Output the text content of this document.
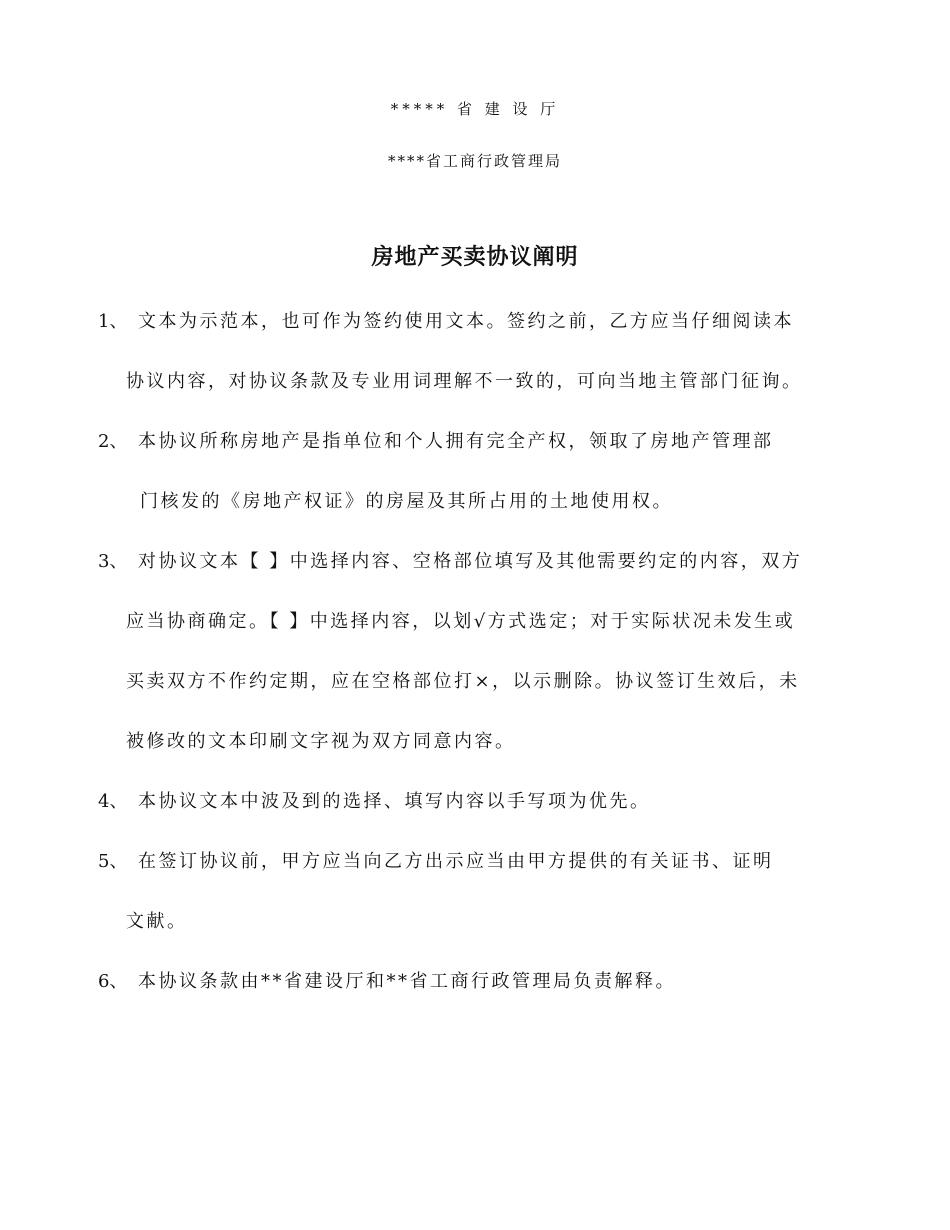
***** 省 建 设 厅
****省工商行政管理局
房地产买卖协议阐明
1、 文本为示范本，也可作为签约使用文本。签约之前，乙方应当仔细阅读本
协议内容，对协议条款及专业用词理解不一致的，可向当地主管部门征询。
2、 本协议所称房地产是指单位和个人拥有完全产权，领取了房地产管理部
门核发的《房地产权证》的房屋及其所占用的土地使用权。
3、 对协议文本【 】中选择内容、空格部位填写及其他需要约定的内容，双方
应当协商确定。【 】中选择内容，以划√方式选定；对于实际状况未发生或
买卖双方不作约定期，应在空格部位打×，以示删除。协议签订生效后，未
被修改的文本印刷文字视为双方同意内容。
4、 本协议文本中波及到的选择、填写内容以手写项为优先。
5、 在签订协议前，甲方应当向乙方出示应当由甲方提供的有关证书、证明
文献。
6、 本协议条款由**省建设厅和**省工商行政管理局负责解释。
